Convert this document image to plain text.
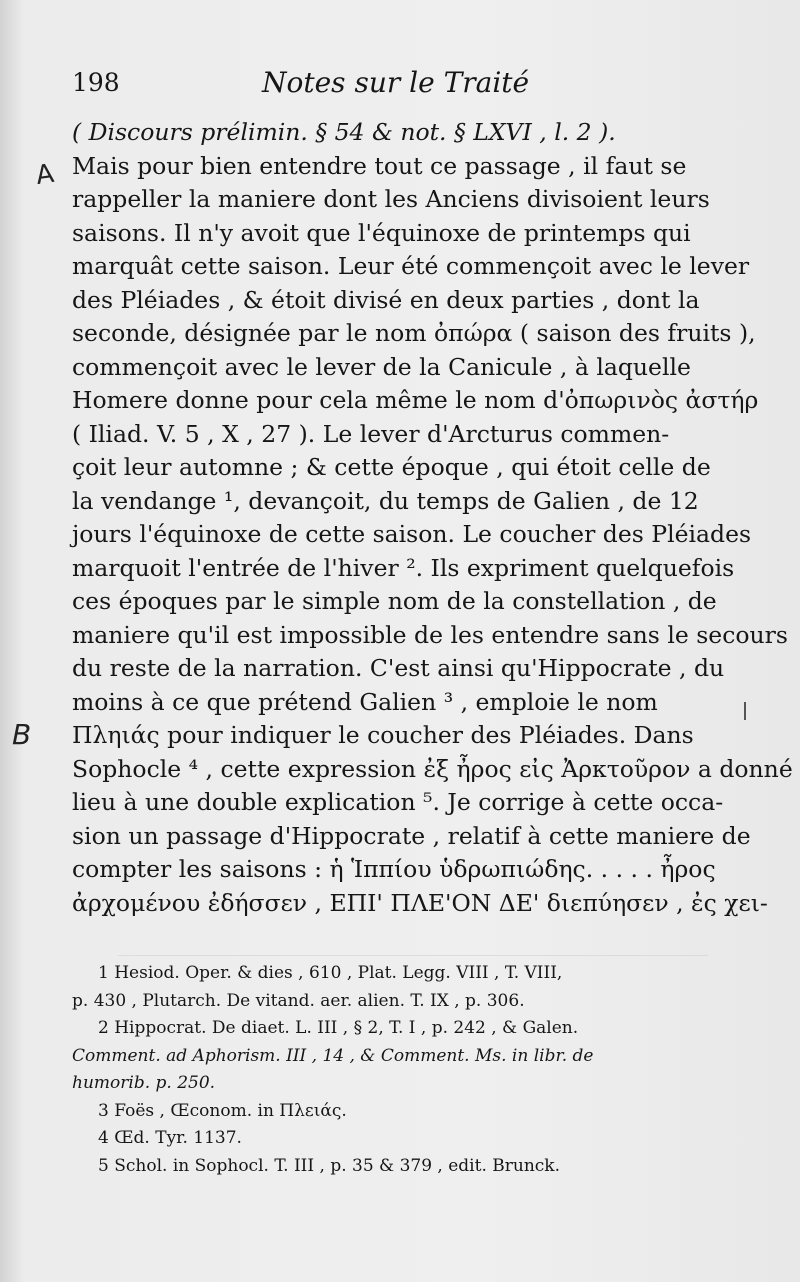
198	Notes sur le Traité
A
B
( Discours prélimin. § 54 & not. § LXVI , l. 2 ).
Mais pour bien entendre tout ce passage , il faut se
rappeller la maniere dont les Anciens divisoient leurs
saisons. Il n'y avoit que l'équinoxe de printemps qui
marquât cette saison. Leur été commençoit avec le lever
des Pléiades , & étoit divisé en deux parties , dont la
seconde, désignée par le nom ὀπώρα ( saison des fruits ),
commençoit avec le lever de la Canicule , à laquelle
Homere donne pour cela même le nom d'ὀπωρινὸς ἀστήρ
( Iliad. V. 5 , X , 27 ). Le lever d'Arcturus commen-
çoit leur automne ; & cette époque , qui étoit celle de
la vendange ¹, devançoit, du temps de Galien , de 12
jours l'équinoxe de cette saison. Le coucher des Pléiades
marquoit l'entrée de l'hiver ². Ils expriment quelquefois
ces époques par le simple nom de la constellation , de
maniere qu'il est impossible de les entendre sans le secours
du reste de la narration. C'est ainsi qu'Hippocrate , du
moins à ce que prétend Galien ³ , emploie le nom
Πληιάς pour indiquer le coucher des Pléiades. Dans
Sophocle ⁴ , cette expression ἐξ ἦρος εἰς Ἀρκτοῦρον a donné
lieu à une double explication ⁵. Je corrige à cette occa-
sion un passage d'Hippocrate , relatif à cette maniere de
compter les saisons : ἡ Ἱππίου ὑδρωπιώδης. . . . . ἦρος
ἀρχομένου ἐδήσσεν , ΕΠΙ' ΠΛΕ'ΟΝ ΔΕ' διεπύησεν , ἐς χει-
1 Hesiod. Oper. & dies , 610 , Plat. Legg. VIII , T. VIII,
p. 430 , Plutarch. De vitand. aer. alien. T. IX , p. 306.
2 Hippocrat. De diaet. L. III , § 2, T. I , p. 242 , & Galen.
Comment. ad Aphorism. III , 14 , & Comment. Ms. in libr. de
humorib. p. 250.
3 Foës , Œconom. in Πλειάς.
4 Œd. Tyr. 1137.
5 Schol. in Sophocl. T. III , p. 35 & 379 , edit. Brunck.
